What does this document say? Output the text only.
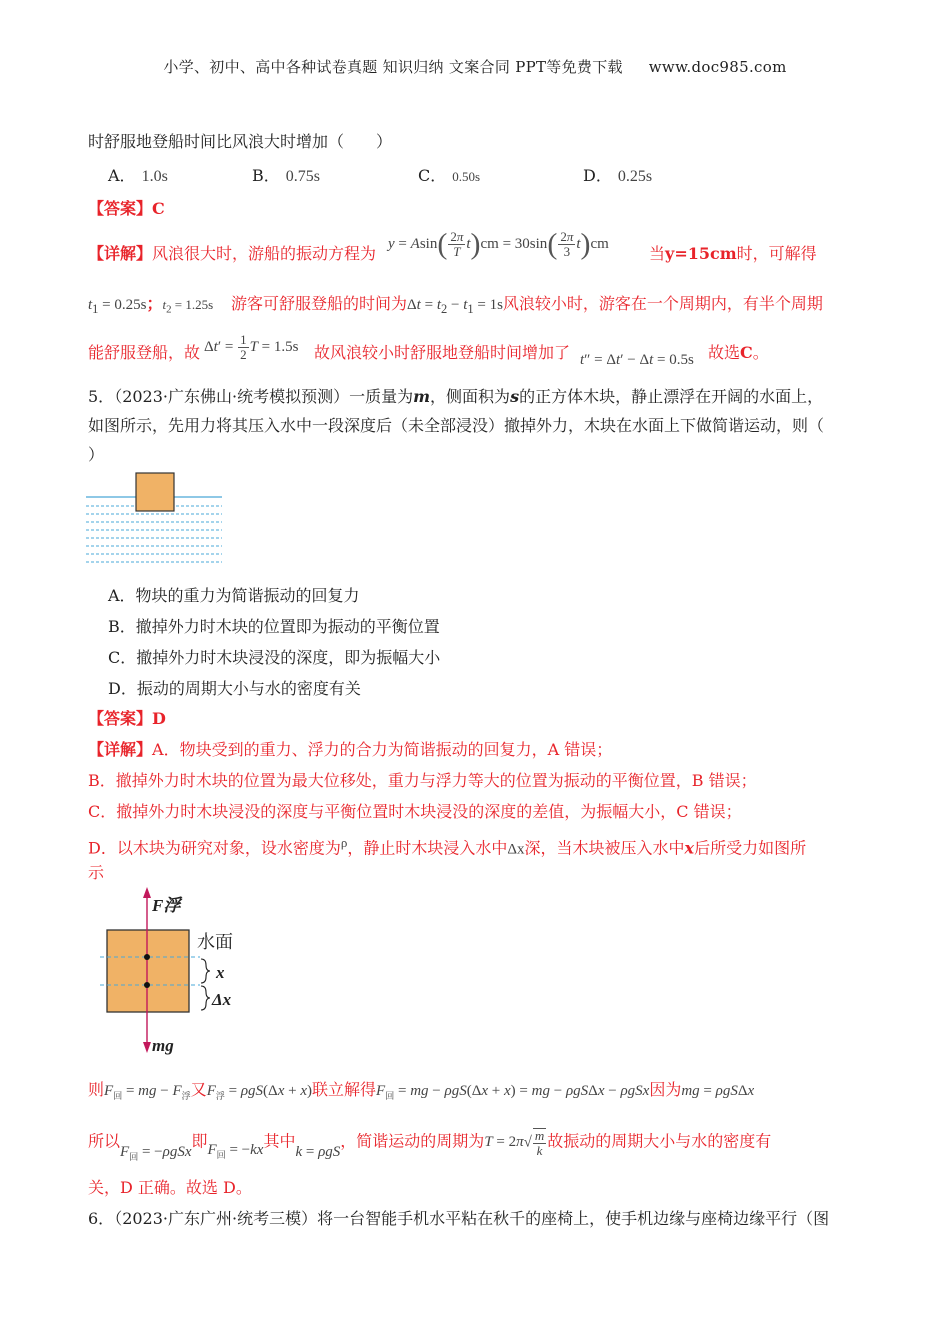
小学、初中、高中各种试卷真题 知识归纳 文案合同 PPT等免费下载 www.doc985.com
时舒服地登船时间比风浪大时增加（　　）
A． 1.0s	B． 0.75s	C． 0.50s	D． 0.25s
【答案】C
【详解】风浪很大时，游船的振动方程为
$y = Asin( \frac{2\pi}{T} t)cm = 30\sin( \frac{2\pi}{3} t)cm$
当y=15cm时，可解得
$t_1 = 0.25s$；$t_2 = 1.25s$ 游客可舒服登船的时间为$\Delta t = t_2 - t_1 = 1s$风浪较小时，游客在一个周期内，有半个周期
能舒服登船，故 $\Delta t' = \frac{1}{2}$ T = 1.5s 故风浪较小时舒服地登船时间增加了 t″ = Δt′ − Δt = 0.5s 故选C。
5．（2023·广东佛山·统考模拟预测）一质量为m，侧面积为s的正方体木块，静止漂浮在开阔的水面上，
如图所示，先用力将其压入水中一段深度后（未全部浸没）撤掉外力，木块在水面上下做简谐运动，则（
）
A．物块的重力为简谐振动的回复力
B．撤掉外力时木块的位置即为振动的平衡位置
C．撤掉外力时木块浸没的深度，即为振幅大小
D．振动的周期大小与水的密度有关
【答案】D
【详解】A．物块受到的重力、浮力的合力为简谐振动的回复力，A 错误；
B．撤掉外力时木块的位置为最大位移处，重力与浮力等大的位置为振动的平衡位置，B 错误；
C．撤掉外力时木块浸没的深度与平衡位置时木块浸没的深度的差值，为振幅大小，C 错误；
D．以木块为研究对象，设水密度为$^\rho$，静止时木块浸入水中Δx深，当木块被压入水中x后所受力如图所
示
F浮
水面
x
Δx
mg
则$F_回$ = mg − $F_浮$又$F_浮 = \rho gS(\Delta x + x)$联立解得$F_回$ = mg − ρgS(Δx + x) = mg − ρgSΔx − ρgSx因为mg = ρgSΔx
所以$F_回 = -\rho gSx$即$F_回 = -kx$其中k = ρgS，简谐运动的周期为$T = 2\pi√ \frac{m}{k}$ 故振动的周期大小与水的密度有
关，D 正确。故选 D。
6．（2023·广东广州·统考三模）将一台智能手机水平粘在秋千的座椅上，使手机边缘与座椅边缘平行（图
